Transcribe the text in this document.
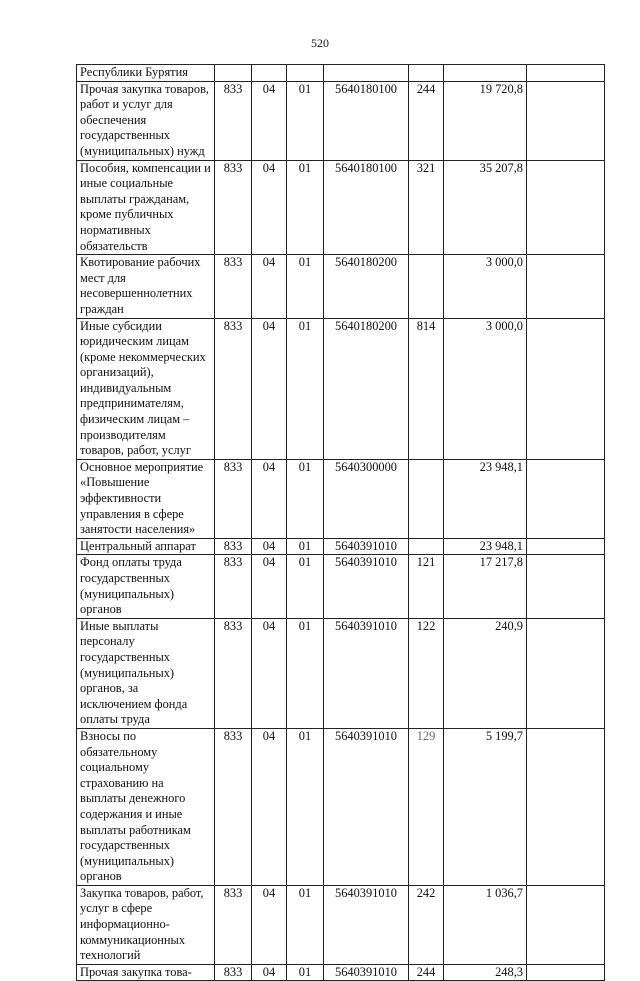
520
Республики Бурятия							
Прочая закупка товаров, работ и услуг для обеспечения государственных (муниципальных) нужд	833	04	01	5640180100	244	19 720,8	
Пособия, компенсации и иные социальные выплаты гражданам, кроме публичных нормативных обязательств	833	04	01	5640180100	321	35 207,8	
Квотирование рабочих мест для несовершеннолетних граждан	833	04	01	5640180200		3 000,0	
Иные субсидии юридическим лицам (кроме некоммерческих организаций), индивидуальным предпринимателям, физическим лицам – производителям товаров, работ, услуг	833	04	01	5640180200	814	3 000,0	
Основное мероприятие «Повышение эффективности управления в сфере занятости населения»	833	04	01	5640300000		23 948,1	
Центральный аппарат	833	04	01	5640391010		23 948,1	
Фонд оплаты труда государственных (муниципальных) органов	833	04	01	5640391010	121	17 217,8	
Иные выплаты персоналу государственных (муниципальных) органов, за исключением фонда оплаты труда	833	04	01	5640391010	122	240,9	
Взносы по обязательному социальному страхованию на выплаты денежного содержания и иные выплаты работникам государственных (муниципальных) органов	833	04	01	5640391010	129	5 199,7	
Закупка товаров, работ, услуг в сфере информационно-коммуникационных технологий	833	04	01	5640391010	242	1 036,7	
Прочая закупка това-	833	04	01	5640391010	244	248,3	
